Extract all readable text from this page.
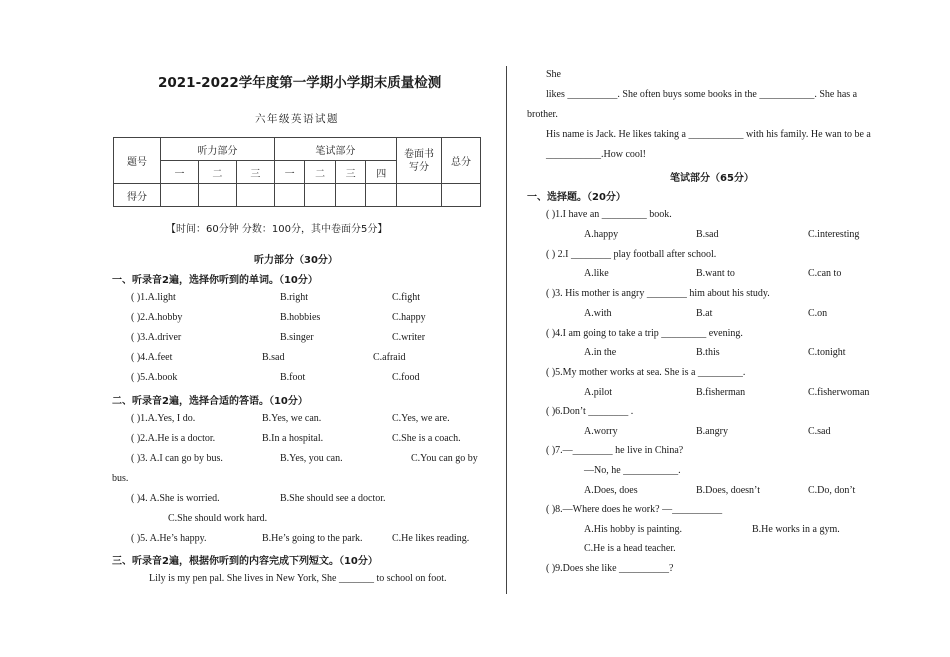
2021-2022学年度第一学期小学期末质量检测
六年级英语试题
题号	听力部分			笔试部分				卷面书写分	总分
	一	二	三	一	二	三	四		
得分									
【时间：60分钟 分数：100分，其中卷面分5分】
听力部分（30分）
一、听录音2遍，选择你听到的单词。（10分）
( )1.A.light	B.right	C.fight
( )2.A.hobby	B.hobbies	C.happy
( )3.A.driver	B.singer	C.writer
( )4.A.feet	B.sad	C.afraid
( )5.A.book	B.foot	C.food
二、听录音2遍，选择合适的答语。（10分）
( )1.A.Yes, I do.	B.Yes, we can.	C.Yes, we are.
( )2.A.He is a doctor.	B.In a hospital.	C.She is a coach.
( )3. A.I can go by bus.	B.Yes, you can.	C.You can go by
bus.
( )4. A.She is worried.	B.She should see a doctor.
C.She should work hard.
( )5. A.He’s happy.	B.He’s going to the park.	C.He likes reading.
三、听录音2遍，根据你听到的内容完成下列短文。（10分）
Lily is my pen pal. She lives in New York, She _______ to school on foot.
She
likes __________. She often buys some books in the ___________. She has a
brother.
His name is Jack. He likes taking a ___________ with his family. He wan to be a
___________.How cool!
笔试部分（65分）
一、选择题。（20分）
( )1.I have an _________ book.
A.happy	B.sad	C.interesting
( ) 2.I ________ play football after school.
A.like	B.want to	C.can to
( )3. His mother is angry ________ him about his study.
A.with	B.at	C.on
( )4.I am going to take a trip _________ evening.
A.in the	B.this	C.tonight
( )5.My mother works at sea. She is a _________.
A.pilot	B.fisherman	C.fisherwoman
( )6.Don’t ________ .
A.worry	B.angry	C.sad
( )7.—________ he live in China?
—No, he ___________.
A.Does, does	B.Does, doesn’t	C.Do, don’t
( )8.—Where does he work? —__________
A.His hobby is painting.	B.He works in a gym.
C.He is a head teacher.
( )9.Does she like __________?
